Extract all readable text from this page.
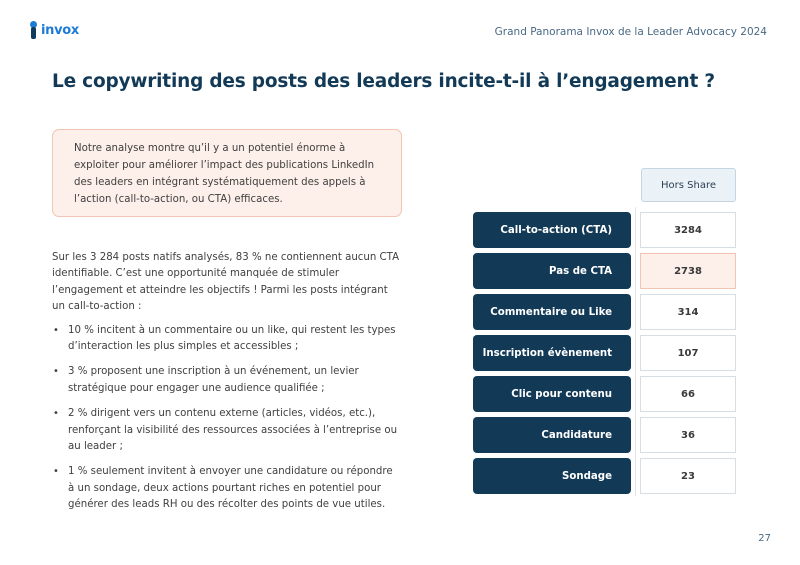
invox	Grand Panorama Invox de la Leader Advocacy 2024
Le copywriting des posts des leaders incite-t-il à l’engagement ?

Notre analyse montre qu’il y a un potentiel énorme à exploiter pour améliorer l’impact des publications LinkedIn des leaders en intégrant systématiquement des appels à l’action (call-to-action, ou CTA) efficaces.

Sur les 3 284 posts natifs analysés, 83 % ne contiennent aucun CTA identifiable. C’est une opportunité manquée de stimuler l’engagement et atteindre les objectifs ! Parmi les posts intégrant un call-to-action :

• 10 % incitent à un commentaire ou un like, qui restent les types d’interaction les plus simples et accessibles ;
• 3 % proposent une inscription à un événement, un levier stratégique pour engager une audience qualifiée ;
• 2 % dirigent vers un contenu externe (articles, vidéos, etc.), renforçant la visibilité des ressources associées à l’entreprise ou au leader ;
• 1 % seulement invitent à envoyer une candidature ou répondre à un sondage, deux actions pourtant riches en potentiel pour générer des leads RH ou des récolter des points de vue utiles.
Hors Share
Call-to-action (CTA)	3284
Pas de CTA	2738
Commentaire ou Like	314
Inscription évènement	107
Clic pour contenu	66
Candidature	36
Sondage	23
27
